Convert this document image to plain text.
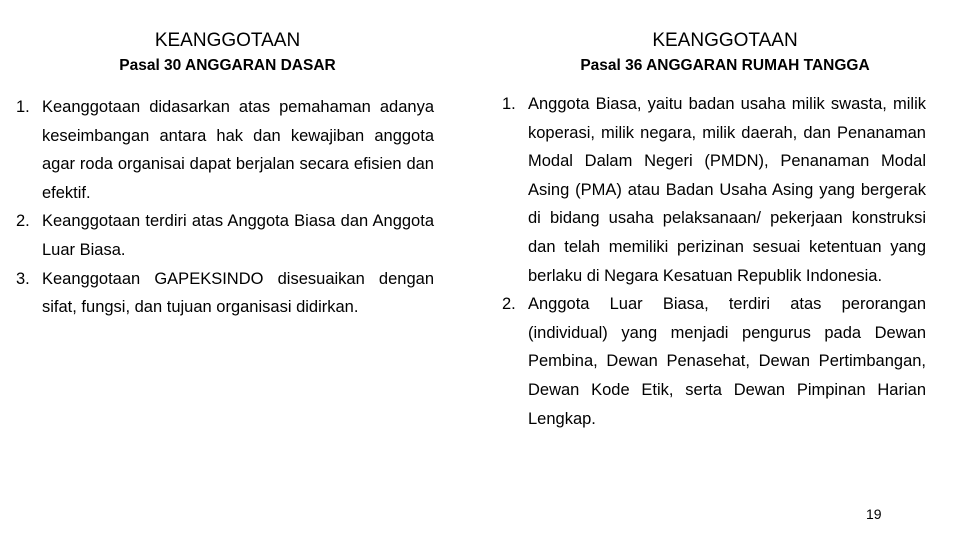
KEANGGOTAAN
Pasal 30 ANGGARAN DASAR
1. Keanggotaan didasarkan atas pemahaman adanya keseimbangan antara hak dan kewajiban anggota agar roda organisai dapat berjalan secara efisien dan efektif.
2. Keanggotaan terdiri atas Anggota Biasa dan Anggota Luar Biasa.
3. Keanggotaan GAPEKSINDO disesuaikan dengan sifat, fungsi, dan tujuan organisasi didirkan.
KEANGGOTAAN
Pasal 36 ANGGARAN RUMAH TANGGA
1. Anggota Biasa, yaitu badan usaha milik swasta, milik koperasi, milik negara, milik daerah, dan Penanaman Modal Dalam Negeri (PMDN), Penanaman Modal Asing (PMA) atau Badan Usaha Asing yang bergerak di bidang usaha pelaksanaan/ pekerjaan konstruksi dan telah memiliki perizinan sesuai ketentuan yang berlaku di Negara Kesatuan Republik Indonesia.
2. Anggota Luar Biasa, terdiri atas perorangan (individual) yang menjadi pengurus pada Dewan Pembina, Dewan Penasehat, Dewan Pertimbangan, Dewan Kode Etik, serta Dewan Pimpinan Harian Lengkap.
19
